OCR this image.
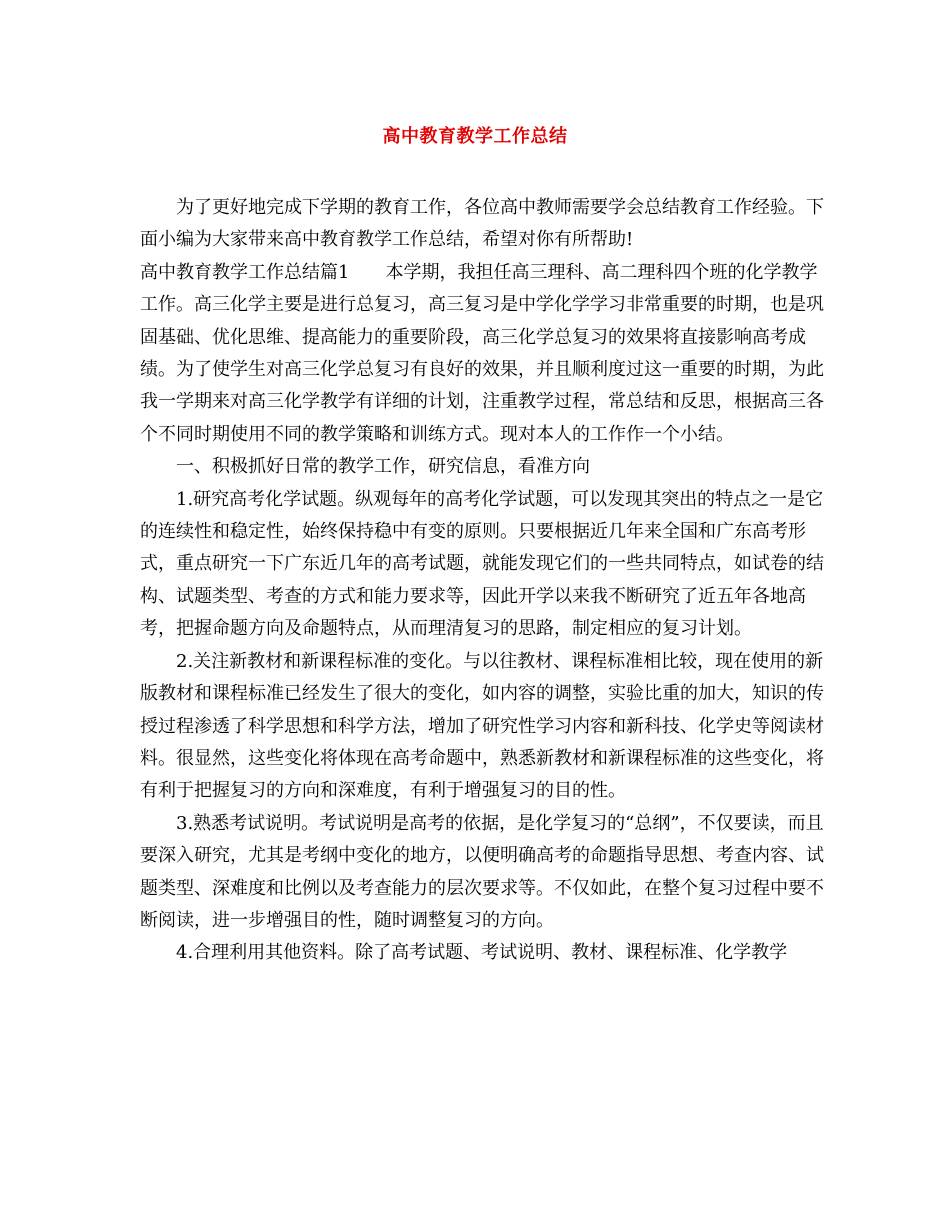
高中教育教学工作总结

为了更好地完成下学期的教育工作，各位高中教师需要学会总结教育工作经验。下面小编为大家带来高中教育教学工作总结，希望对你有所帮助!

高中教育教学工作总结篇1 本学期，我担任高三理科、高二理科四个班的化学教学工作。高三化学主要是进行总复习，高三复习是中学化学学习非常重要的时期，也是巩固基础、优化思维、提高能力的重要阶段，高三化学总复习的效果将直接影响高考成绩。为了使学生对高三化学总复习有良好的效果，并且顺利度过这一重要的时期，为此我一学期来对高三化学教学有详细的计划，注重教学过程，常总结和反思，根据高三各个不同时期使用不同的教学策略和训练方式。现对本人的工作作一个小结。

一、积极抓好日常的教学工作，研究信息，看准方向

1.研究高考化学试题。纵观每年的高考化学试题，可以发现其突出的特点之一是它的连续性和稳定性，始终保持稳中有变的原则。只要根据近几年来全国和广东高考形式，重点研究一下广东近几年的高考试题，就能发现它们的一些共同特点，如试卷的结构、试题类型、考查的方式和能力要求等，因此开学以来我不断研究了近五年各地高考，把握命题方向及命题特点，从而理清复习的思路，制定相应的复习计划。

2.关注新教材和新课程标准的变化。与以往教材、课程标准相比较，现在使用的新版教材和课程标准已经发生了很大的变化，如内容的调整，实验比重的加大，知识的传授过程渗透了科学思想和科学方法，增加了研究性学习内容和新科技、化学史等阅读材料。很显然，这些变化将体现在高考命题中，熟悉新教材和新课程标准的这些变化，将有利于把握复习的方向和深难度，有利于增强复习的目的性。

3.熟悉考试说明。考试说明是高考的依据，是化学复习的“总纲”，不仅要读，而且要深入研究，尤其是考纲中变化的地方，以便明确高考的命题指导思想、考查内容、试题类型、深难度和比例以及考查能力的层次要求等。不仅如此，在整个复习过程中要不断阅读，进一步增强目的性，随时调整复习的方向。

4.合理利用其他资料。除了高考试题、考试说明、教材、课程标准、化学教学
